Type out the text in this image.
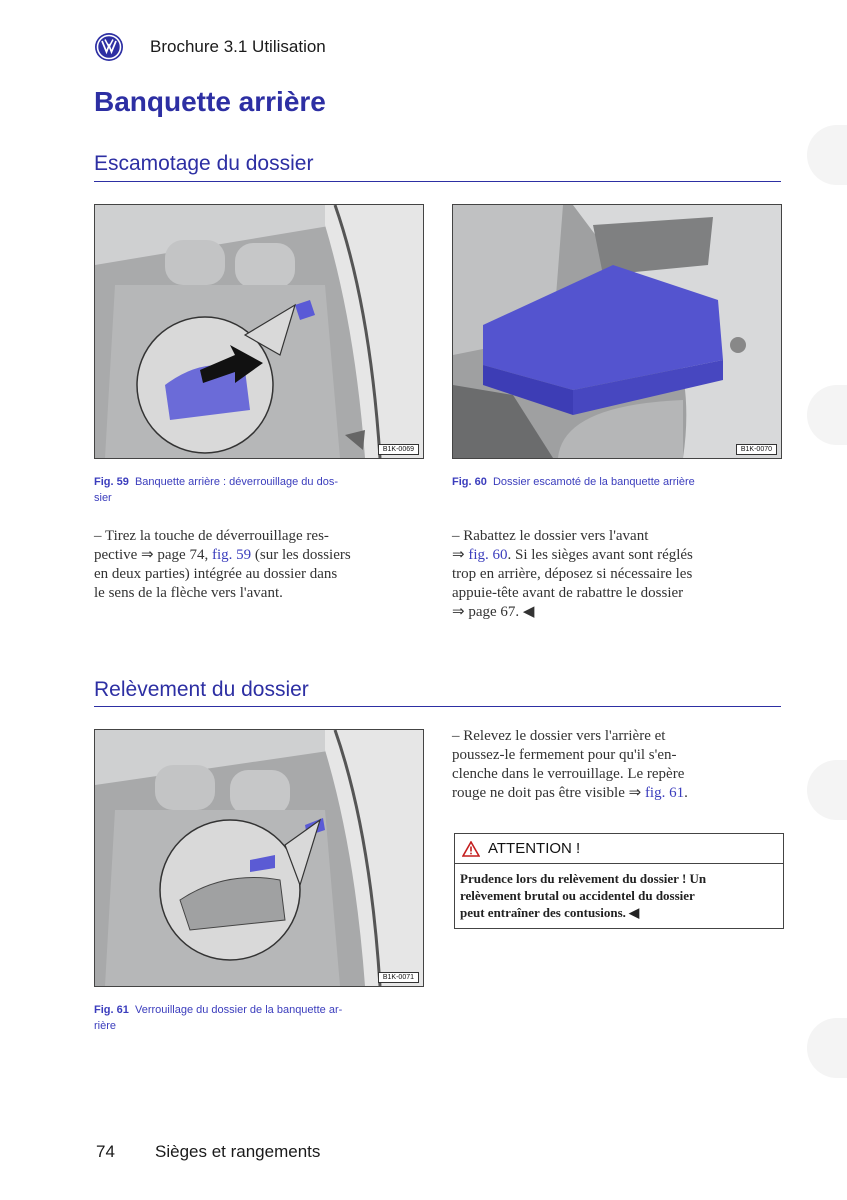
Brochure 3.1 Utilisation
Banquette arrière
Escamotage du dossier
B1K-0069
Fig. 59 Banquette arrière : déverrouillage du dos-
sier
B1K-0070
Fig. 60 Dossier escamoté de la banquette arrière
– Tirez la touche de déverrouillage res-
pective ⇒ page 74, fig. 59 (sur les dossiers
en deux parties) intégrée au dossier dans
le sens de la flèche vers l'avant.
– Rabattez le dossier vers l'avant
⇒ fig. 60. Si les sièges avant sont réglés
trop en arrière, déposez si nécessaire les
appuie-tête avant de rabattre le dossier
⇒ page 67. ◀
Relèvement du dossier
B1K-0071
Fig. 61 Verrouillage du dossier de la banquette ar-
rière
– Relevez le dossier vers l'arrière et
poussez-le fermement pour qu'il s'en-
clenche dans le verrouillage. Le repère
rouge ne doit pas être visible ⇒ fig. 61.
ATTENTION !
Prudence lors du relèvement du dossier ! Un
relèvement brutal ou accidentel du dossier
peut entraîner des contusions. ◀
74 Sièges et rangements
